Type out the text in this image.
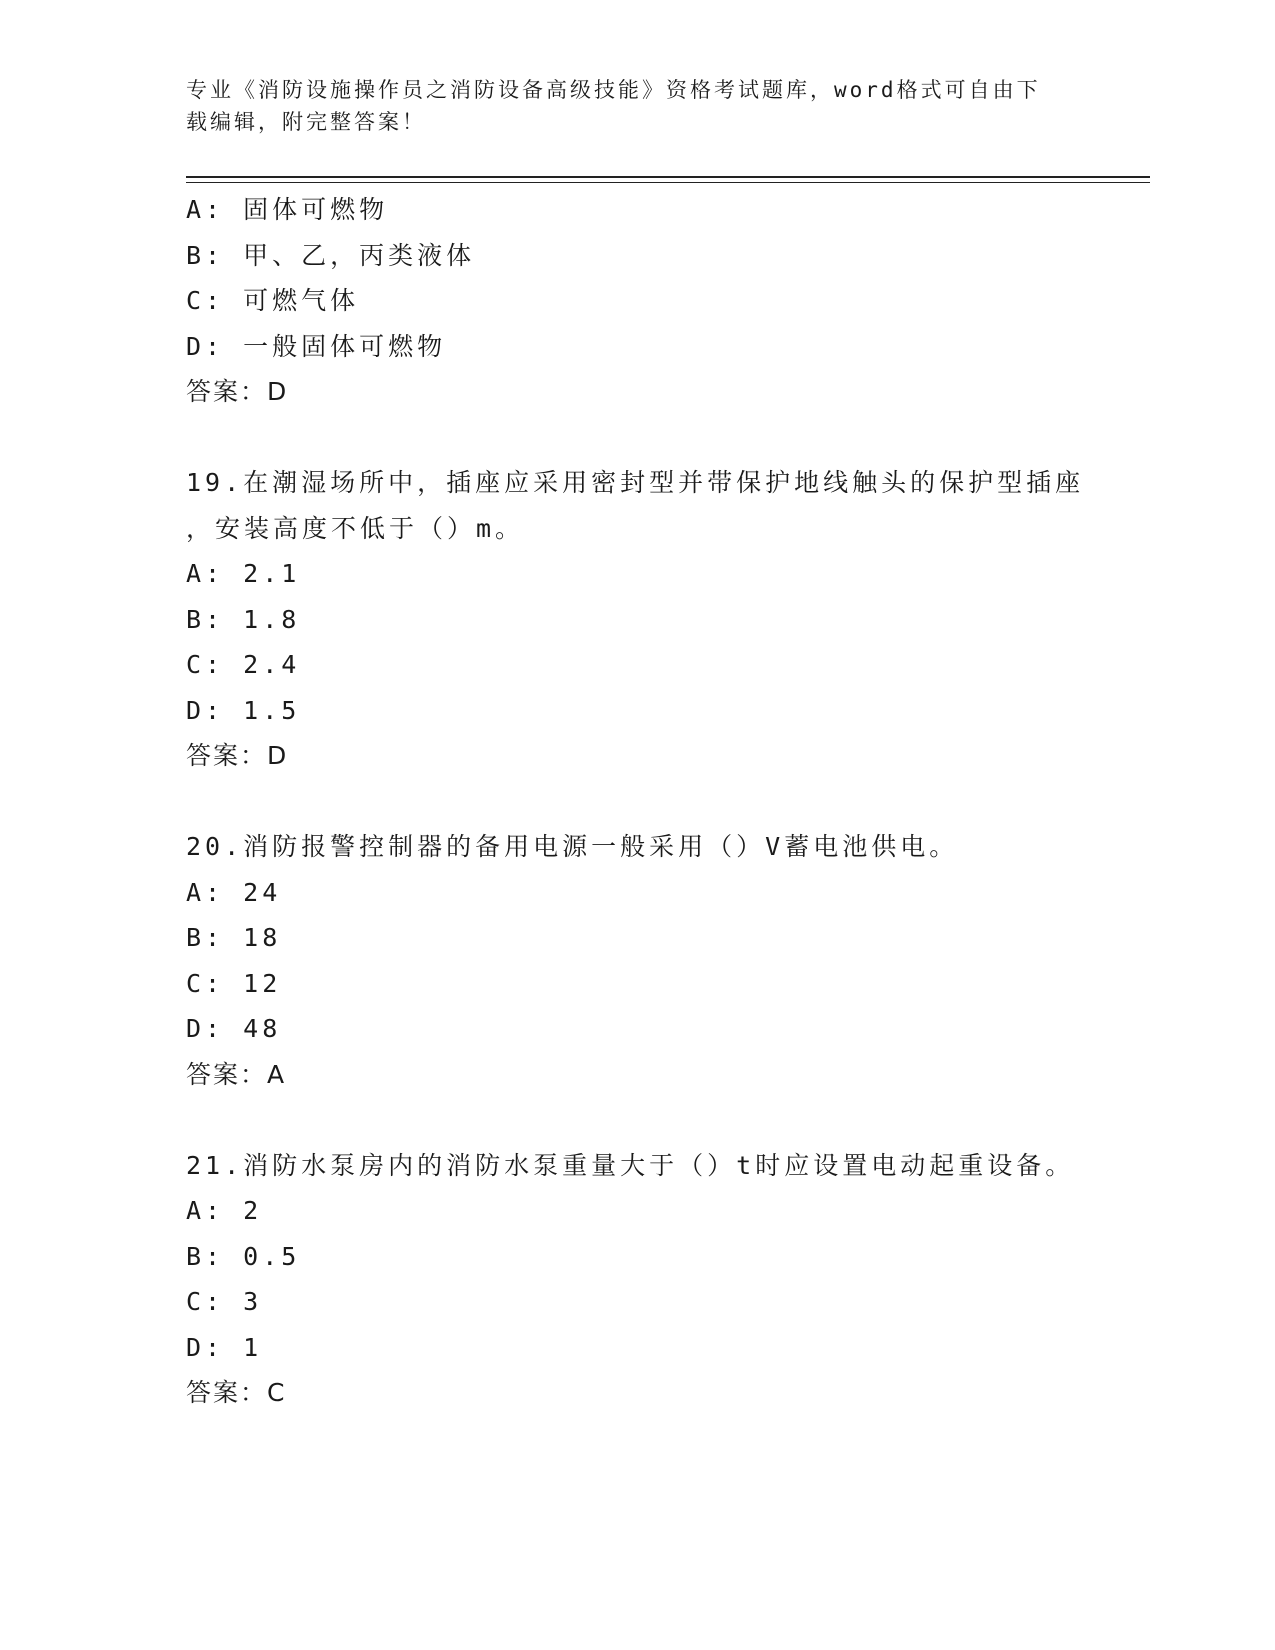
专业《消防设施操作员之消防设备高级技能》资格考试题库，word格式可自由下
载编辑，附完整答案！
A: 固体可燃物
B: 甲、乙，丙类液体
C: 可燃气体
D: 一般固体可燃物
答案：D
19.在潮湿场所中，插座应采用密封型并带保护地线触头的保护型插座
，安装高度不低于（）m。
A: 2.1
B: 1.8
C: 2.4
D: 1.5
答案：D
20.消防报警控制器的备用电源一般采用（）V蓄电池供电。
A: 24
B: 18
C: 12
D: 48
答案：A
21.消防水泵房内的消防水泵重量大于（）t时应设置电动起重设备。
A: 2
B: 0.5
C: 3
D: 1
答案：C
